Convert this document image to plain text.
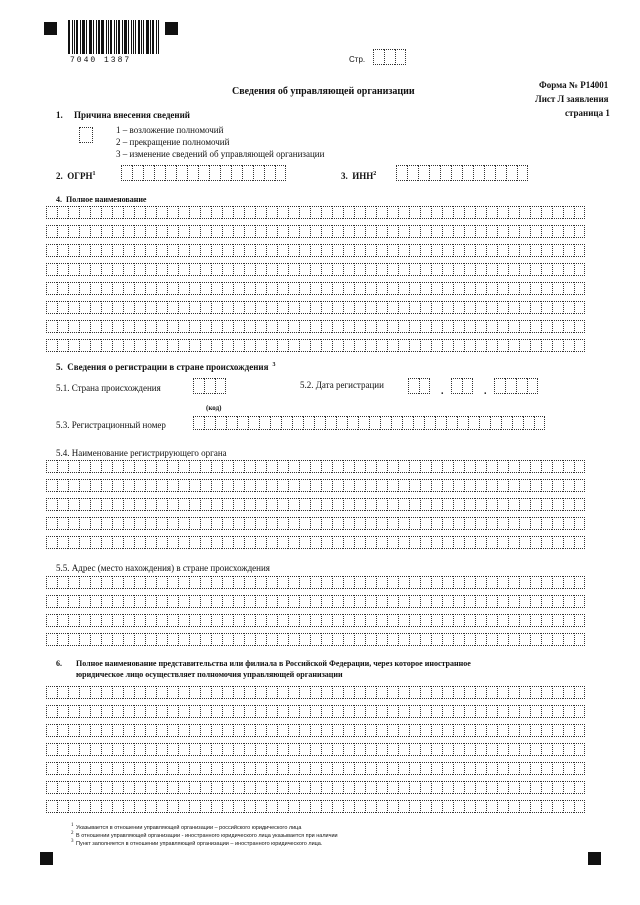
7040 1387	Стр.
Сведения об управляющей организации
Форма № Р14001
Лист Л заявления
страница 1
1. Причина внесения сведений
1 – возложение полномочий
2 – прекращение полномочий
3 – изменение сведений об управляющей организации
2. ОГРН$^1$	3. ИНН$^2$
4. Полное наименование
5. Сведения о регистрации в стране происхождения $^3$
5.1. Страна происхождения
(код)
5.2. Дата регистрации
.	.
5.3. Регистрационный номер
5.4. Наименование регистрирующего органа
5.5. Адрес (место нахождения) в стране происхождения
6. Полное наименование представительства или филиала в Российской Федерации, через которое иностранное
юридическое лицо осуществляет полномочия управляющей организации
1 Указывается в отношении управляющей организации – российского юридического лица
2 В отношении управляющей организации - иностранного юридического лица указывается при наличии
3 Пункт заполняется в отношении управляющей организации – иностранного юридического лица.
